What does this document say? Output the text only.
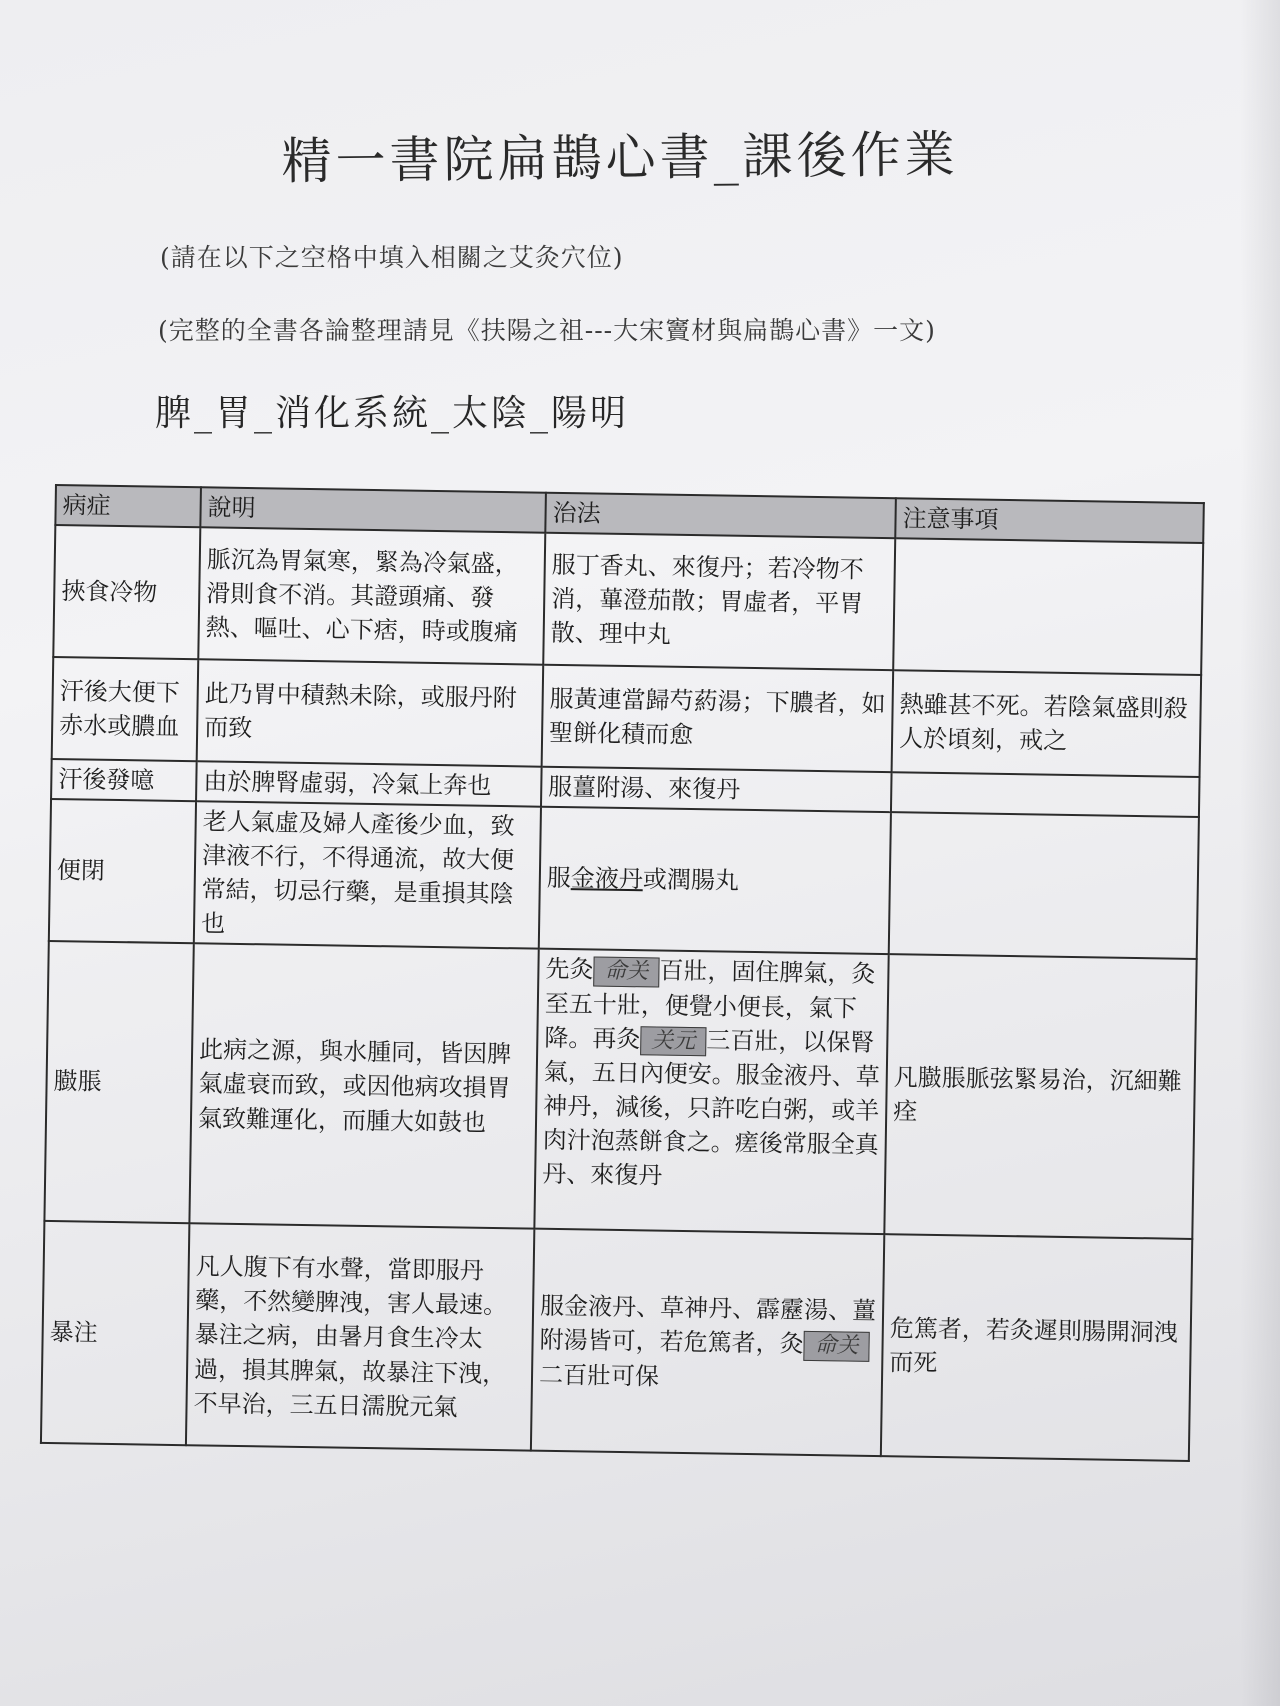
精一書院扁鵲心書_課後作業
(請在以下之空格中填入相關之艾灸穴位)
(完整的全書各論整理請見《扶陽之祖---大宋竇材與扁鵲心書》一文)
脾_胃_消化系統_太陰_陽明
病症	說明	治法	注意事項
挾食冷物	脈沉為胃氣寒，緊為冷氣盛，滑則食不消。其證頭痛、發熱、嘔吐、心下痞，時或腹痛	服丁香丸、來復丹；若冷物不消，蓽澄茄散；胃虛者，平胃散、理中丸	
汗後大便下赤水或膿血	此乃胃中積熱未除，或服丹附而致	服黃連當歸芍葯湯；下膿者，如聖餅化積而愈	熱雖甚不死。若陰氣盛則殺人於頃刻，戒之
汗後發噫	由於脾腎虛弱，冷氣上奔也	服薑附湯、來復丹	
便閉	老人氣虛及婦人產後少血，致津液不行，不得通流，故大便常結，切忌行藥，是重損其陰也	服金液丹或潤腸丸	
臌脹	此病之源，與水腫同，皆因脾氣虛衰而致，或因他病攻損胃氣致難運化，而腫大如鼓也	先灸 命关 百壯，固住脾氣，灸至五十壯，便覺小便長，氣下降。再灸 关元 三百壯，以保腎氣，五日內便安。服金液丹、草神丹，減後，只許吃白粥，或羊肉汁泡蒸餅食之。瘥後常服全真丹、來復丹	凡臌脹脈弦緊易治，沉細難痊
暴注	凡人腹下有水聲，當即服丹藥，不然變脾洩，害人最速。暴注之病，由暑月食生冷太過，損其脾氣，故暴注下洩，不早治，三五日濡脫元氣	服金液丹、草神丹、霹靂湯、薑附湯皆可，若危篤者，灸 命关二百壯可保	危篤者，若灸遲則腸開洞洩而死
